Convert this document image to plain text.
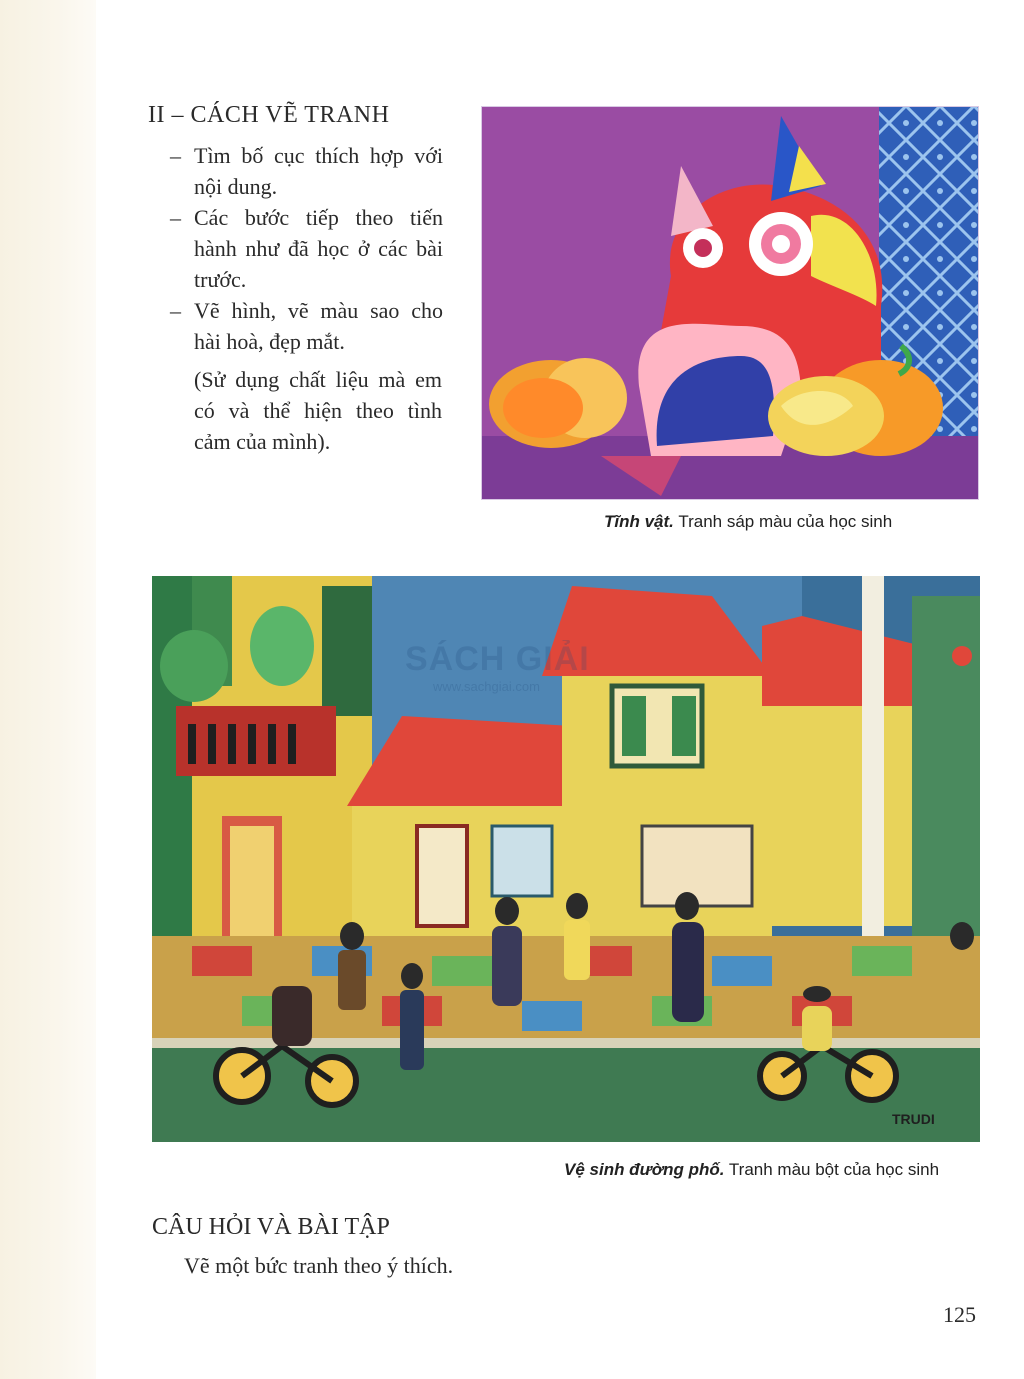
II – CÁCH VẼ TRANH
– Tìm bố cục thích hợp với nội dung.
– Các bước tiếp theo tiến hành như đã học ở các bài trước.
– Vẽ hình, vẽ màu sao cho hài hoà, đẹp mắt.

(Sử dụng chất liệu mà em có và thể hiện theo tình cảm của mình).

Tĩnh vật. Tranh sáp màu của học sinh
TRUDI
SÁCH GIẢI
www.sachgiai.com
Vệ sinh đường phố. Tranh màu bột của học sinh
CÂU HỎI VÀ BÀI TẬP

Vẽ một bức tranh theo ý thích.

125
